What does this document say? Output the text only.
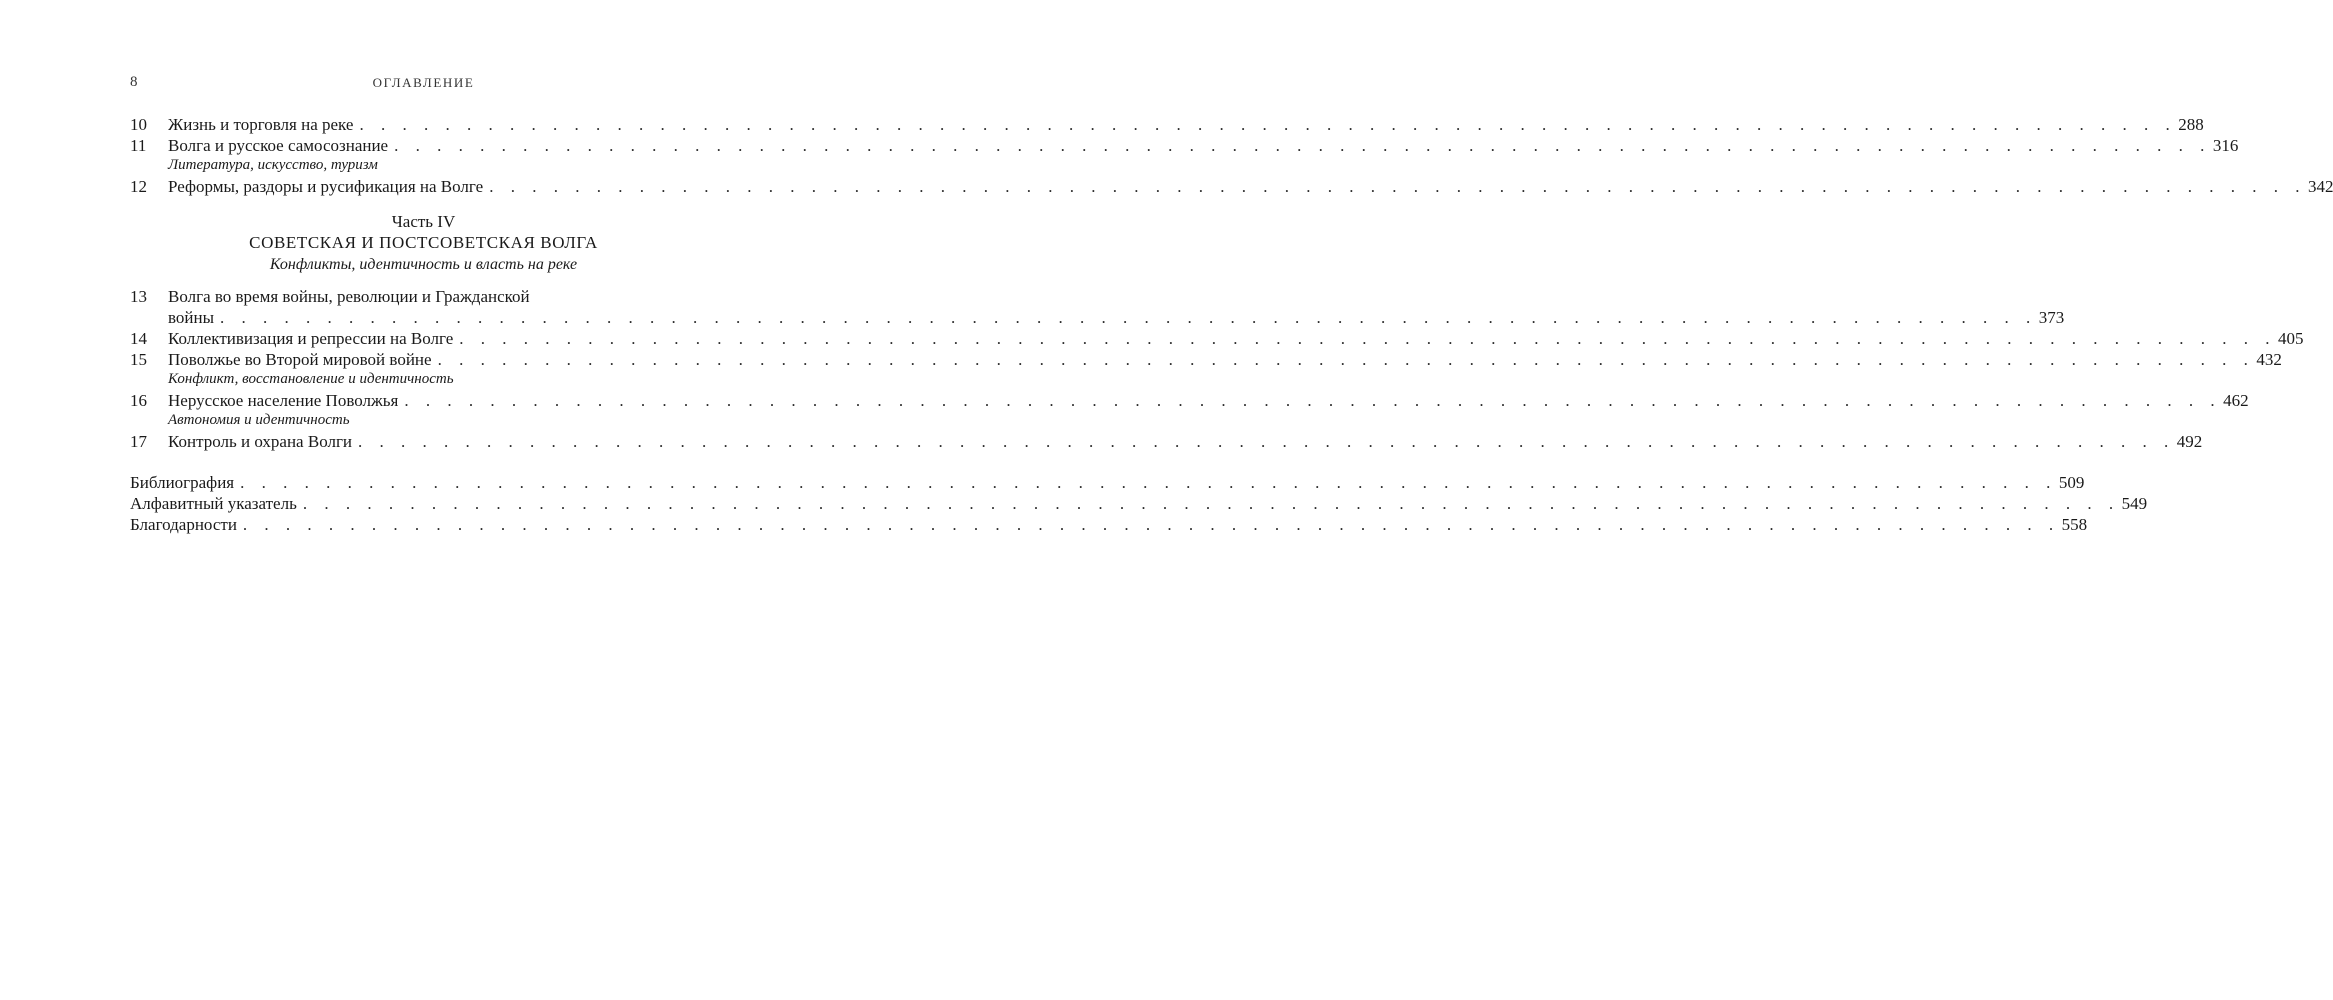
8	ОГЛАВЛЕНИЕ
10	Жизнь и торговля на реке . . . . . . . . . . . . . . . . . . . . . . . . . . . . . . . . . . . . . . . . . . . . . . . . . . . . . . . . . . . . . . . . . . . . . . . . . . . . . . . . . . . . . 288
11	Волга и русское самосознание . . . . . . . . . . . . . . . . . . . . . . . . . . . . . . . . . . . . . . . . . . . . . . . . . . . . . . . . . . . . . . . . . . . . . . . . . . . . . . . . . . . . . 316
Литература, искусство, туризм
12	Реформы, раздоры и русификация на Волге . . . . . . . . . . . . . . . . . . . . . . . . . . . . . . . . . . . . . . . . . . . . . . . . . . . . . . . . . . . . . . . . . . . . . . . . . . . . . . . . . . . . . 342
Часть IV
СОВЕТСКАЯ И ПОСТСОВЕТСКАЯ ВОЛГА
Конфликты, идентичность и власть на реке
13	Волга во время войны, революции и Гражданской
войны . . . . . . . . . . . . . . . . . . . . . . . . . . . . . . . . . . . . . . . . . . . . . . . . . . . . . . . . . . . . . . . . . . . . . . . . . . . . . . . . . . . . . 373
14	Коллективизация и репрессии на Волге . . . . . . . . . . . . . . . . . . . . . . . . . . . . . . . . . . . . . . . . . . . . . . . . . . . . . . . . . . . . . . . . . . . . . . . . . . . . . . . . . . . . . 405
15	Поволжье во Второй мировой войне . . . . . . . . . . . . . . . . . . . . . . . . . . . . . . . . . . . . . . . . . . . . . . . . . . . . . . . . . . . . . . . . . . . . . . . . . . . . . . . . . . . . . 432
Конфликт, восстановление и идентичность
16	Нерусское население Поволжья . . . . . . . . . . . . . . . . . . . . . . . . . . . . . . . . . . . . . . . . . . . . . . . . . . . . . . . . . . . . . . . . . . . . . . . . . . . . . . . . . . . . . 462
Автономия и идентичность
17	Контроль и охрана Волги . . . . . . . . . . . . . . . . . . . . . . . . . . . . . . . . . . . . . . . . . . . . . . . . . . . . . . . . . . . . . . . . . . . . . . . . . . . . . . . . . . . . . 492
Библиография . . . . . . . . . . . . . . . . . . . . . . . . . . . . . . . . . . . . . . . . . . . . . . . . . . . . . . . . . . . . . . . . . . . . . . . . . . . . . . . . . . . . . 509
Алфавитный указатель . . . . . . . . . . . . . . . . . . . . . . . . . . . . . . . . . . . . . . . . . . . . . . . . . . . . . . . . . . . . . . . . . . . . . . . . . . . . . . . . . . . . . 549
Благодарности . . . . . . . . . . . . . . . . . . . . . . . . . . . . . . . . . . . . . . . . . . . . . . . . . . . . . . . . . . . . . . . . . . . . . . . . . . . . . . . . . . . . . 558
